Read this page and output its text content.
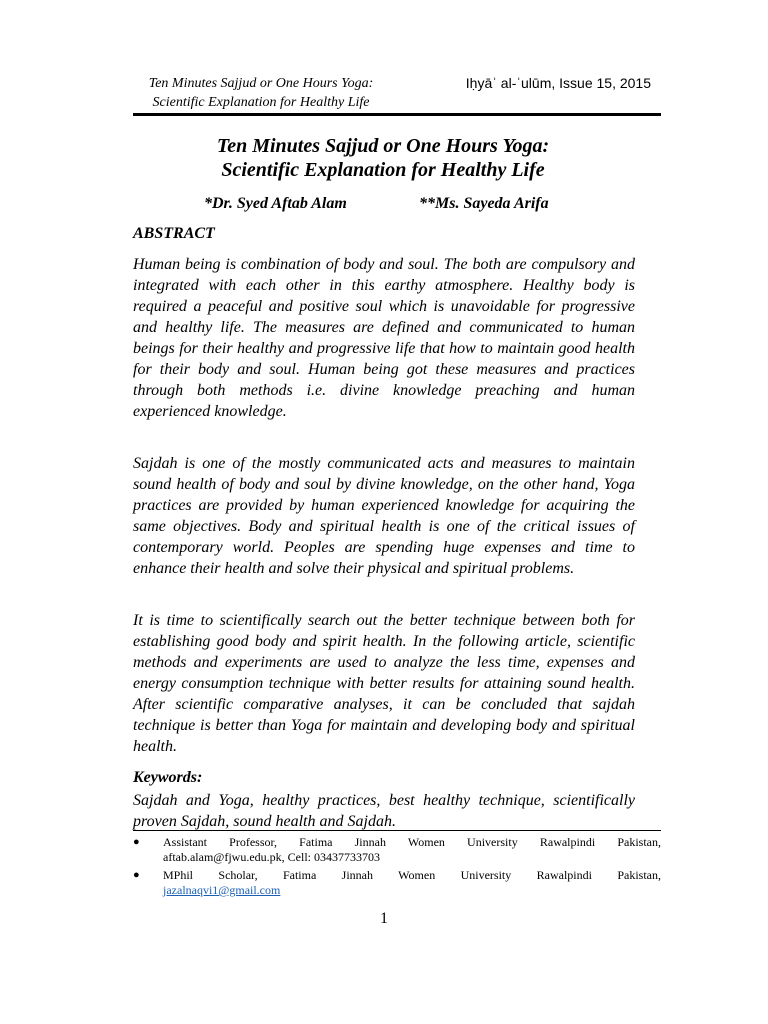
Ten Minutes Sajjud or One Hours Yoga:
Scientific Explanation for Healthy Life
Iḥyāʾ al-ʿulūm, Issue 15, 2015
Ten Minutes Sajjud or One Hours Yoga:
Scientific Explanation for Healthy Life
*Dr. Syed Aftab Alam	**Ms. Sayeda Arifa
ABSTRACT
Human being is combination of body and soul. The both are compulsory and integrated with each other in this earthy atmosphere. Healthy body is required a peaceful and positive soul which is unavoidable for progressive and healthy life. The measures are defined and communicated to human beings for their healthy and progressive life that how to maintain good health for their body and soul. Human being got these measures and practices through both methods i.e. divine knowledge preaching and human experienced knowledge.
Sajdah is one of the mostly communicated acts and measures to maintain sound health of body and soul by divine knowledge, on the other hand, Yoga practices are provided by human experienced knowledge for acquiring the same objectives. Body and spiritual health is one of the critical issues of contemporary world. Peoples are spending huge expenses and time to enhance their health and solve their physical and spiritual problems.
It is time to scientifically search out the better technique between both for establishing good body and spirit health. In the following article, scientific methods and experiments are used to analyze the less time, expenses and energy consumption technique with better results for attaining sound health. After scientific comparative analyses, it can be concluded that sajdah technique is better than Yoga for maintain and developing body and spiritual health.
Keywords:
Sajdah and Yoga, healthy practices, best healthy technique, scientifically proven Sajdah, sound health and Sajdah.
● Assistant Professor, Fatima Jinnah Women University Rawalpindi Pakistan,
aftab.alam@fjwu.edu.pk, Cell: 03437733703
● MPhil Scholar, Fatima Jinnah Women University Rawalpindi Pakistan,
jazalnaqvi1@gmail.com
1
